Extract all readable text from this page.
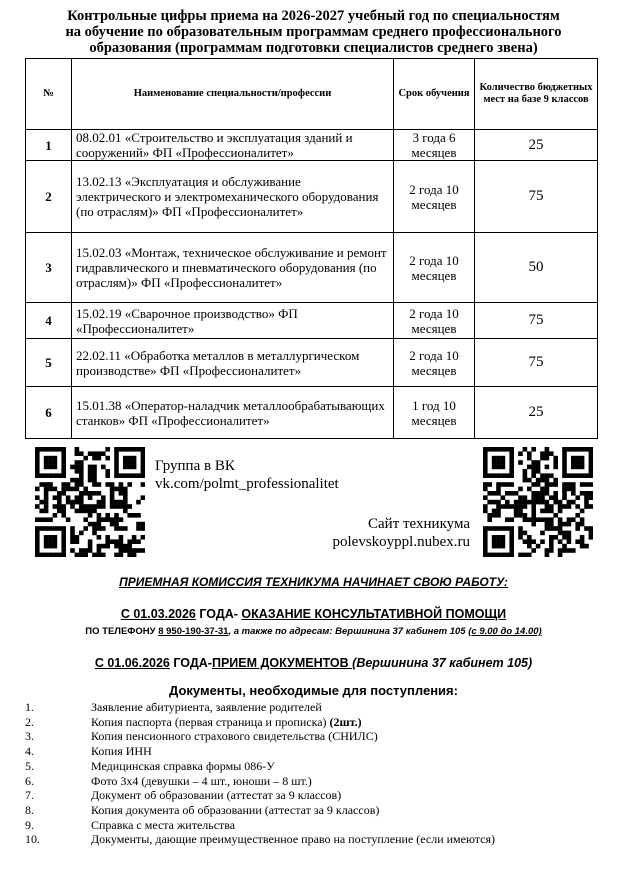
Контрольные цифры приема на 2026-2027 учебный год по специальностям
на обучение по образовательным программам среднего профессионального
образования (программам подготовки специалистов среднего звена)
№	Наименование специальности/профессии	Срок обучения	Количество бюджетных мест на базе 9 классов
1	08.02.01 «Строительство и эксплуатация зданий и сооружений» ФП «Профессионалитет»	3 года 6 месяцев	25
2	13.02.13 «Эксплуатация и обслуживание электрического и электромеханического оборудования (по отраслям)» ФП «Профессионалитет»	2 года 10 месяцев	75
3	15.02.03 «Монтаж, техническое обслуживание и ремонт гидравлического и пневматического оборудования (по отраслям)» ФП «Профессионалитет»	2 года 10 месяцев	50
4	15.02.19 «Сварочное производство» ФП «Профессионалитет»	2 года 10 месяцев	75
5	22.02.11 «Обработка металлов в металлургическом производстве» ФП «Профессионалитет»	2 года 10 месяцев	75
6	15.01.38 «Оператор-наладчик металлообрабатывающих станков» ФП «Профессионалитет»	1 год 10 месяцев	25
Группа в ВК
vk.com/polmt_professionalitet
Сайт техникума
polevskoyppl.nubex.ru
ПРИЕМНАЯ КОМИССИЯ ТЕХНИКУМА НАЧИНАЕТ СВОЮ РАБОТУ:
С 01.03.2026 ГОДА- ОКАЗАНИЕ КОНСУЛЬТАТИВНОЙ ПОМОЩИ
ПО ТЕЛЕФОНУ 8 950-190-37-31, а также по адресам: Вершинина 37 кабинет 105 (с 9.00 до 14.00)
С 01.06.2026 ГОДА-ПРИЕМ ДОКУМЕНТОВ (Вершинина 37 кабинет 105)
Документы, необходимые для поступления:
1.	Заявление абитуриента, заявление родителей
2.	Копия паспорта (первая страница и прописка) (2шт.)
3.	Копия пенсионного страхового свидетельства (СНИЛС)
4.	Копия ИНН
5.	Медицинская справка формы 086-У
6.	Фото 3х4 (девушки – 4 шт., юноши – 8 шт.)
7.	Документ об образовании (аттестат за 9 классов)
8.	Копия документа об образовании (аттестат за 9 классов)
9.	Справка с места жительства
10.	Документы, дающие преимущественное право на поступление (если имеются)
